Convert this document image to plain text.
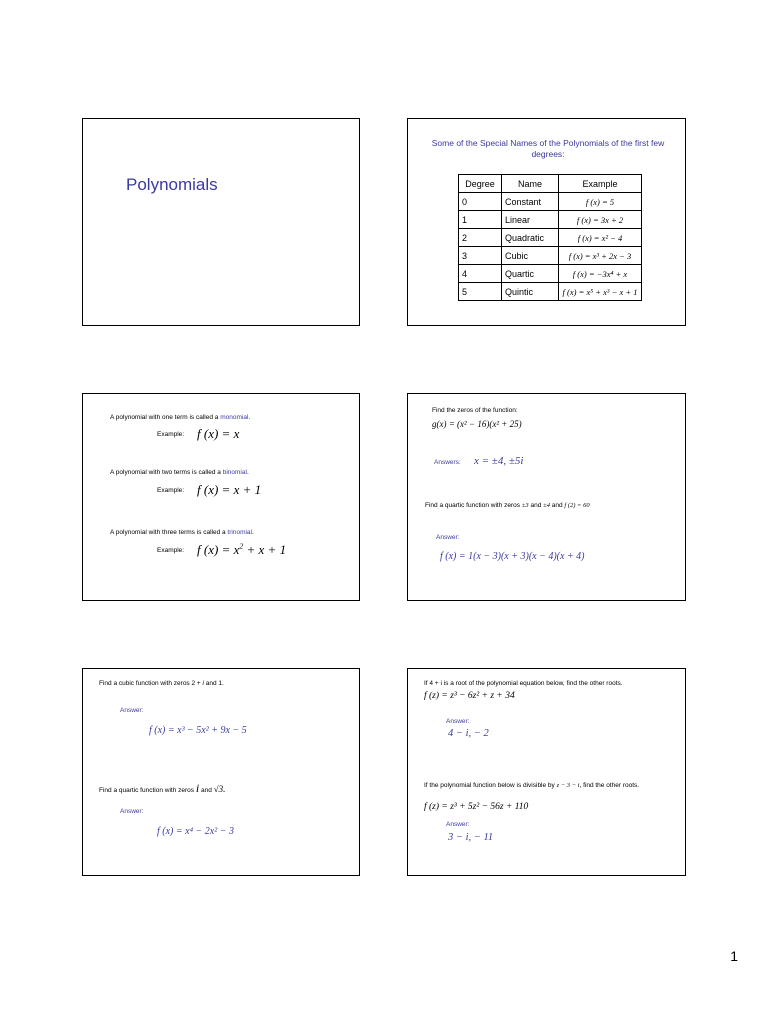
Polynomials
Some of the Special Names of the Polynomials of the first few degrees:
Degree	Name	Example
0	Constant	f (x) = 5
1	Linear	f (x) = 3x + 2
2	Quadratic	f (x) = x² − 4
3	Cubic	f (x) = x³ + 2x − 3
4	Quartic	f (x) = −3x⁴ + x
5	Quintic	f (x) = x⁵ + x³ − x + 1
A polynomial with one term is called a monomial.
Example: f (x) = x
A polynomial with two terms is called a binomial.
Example: f (x) = x + 1
A polynomial with three terms is called a trinomial.
Example: f $(x) = x^2 + x + 1$
Find the zeros of the function:
g(x) = (x² − 16)(x² + 25)
Answers: x = ±4, ±5i
Find a quartic function with zeros ±3 and ±4 and f (2) = 60
Answer:
f (x) = 1(x − 3)(x + 3)(x − 4)(x + 4)
Find a cubic function with zeros 2 + i and 1.
Answer:
f (x) = x³ − 5x² + 9x − 5
Find a quartic function with zeros i and √3.
Answer:
f (x) = x⁴ − 2x² − 3
If 4 + i is a root of the polynomial equation below, find the other roots.
f (z) = z³ − 6z² + z + 34
Answer:
4 − i, − 2
If the polynomial function below is divisible by z − 3 − i, find the other roots.
f (z) = z³ + 5z² − 56z + 110
Answer:
3 − i, − 11
1
